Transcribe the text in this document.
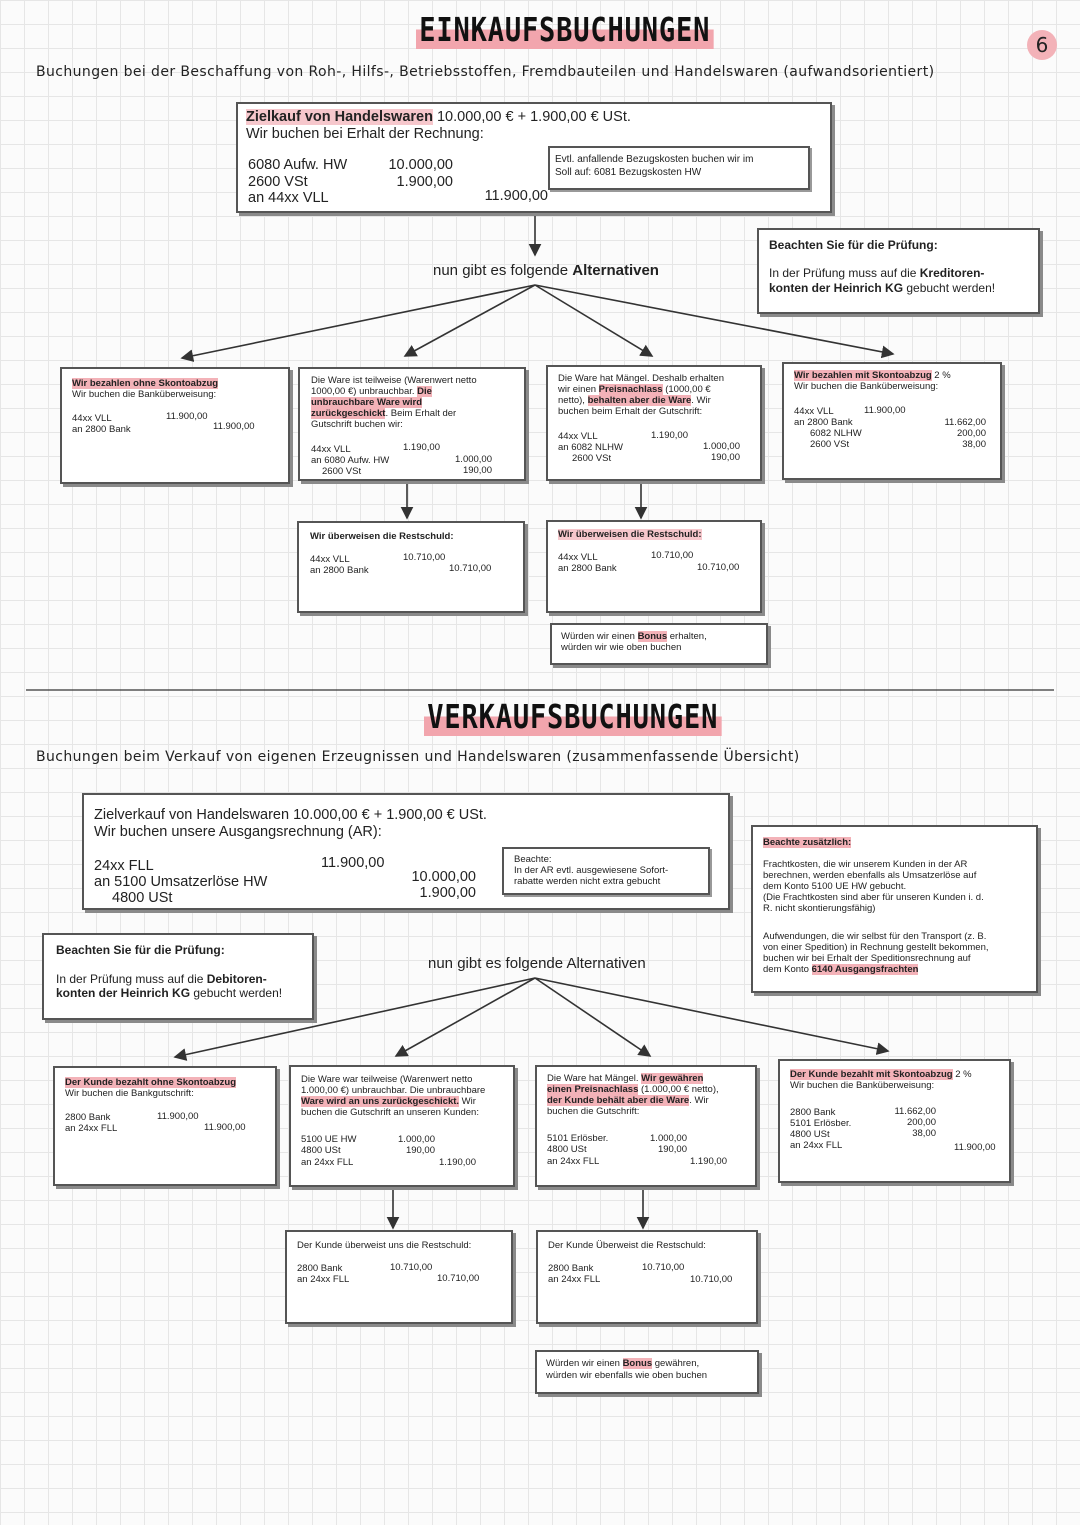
EINKAUFSBUCHUNGEN	6
Buchungen bei der Beschaffung von Roh-, Hilfs-, Betriebsstoffen, Fremdbauteilen und Handelswaren (aufwandsorientiert)
Zielkauf von Handelswaren 10.000,00 € + 1.900,00 € USt.
Wir buchen bei Erhalt der Rechnung:
6080 Aufw. HW
2600 VSt
an 44xx VLL
10.000,00
1.900,00
11.900,00
Evtl. anfallende Bezugskosten buchen wir im
Soll auf: 6081 Bezugskosten HW
nun gibt es folgende Alternativen
Beachten Sie für die Prüfung:
In der Prüfung muss auf die Kreditoren-
konten der Heinrich KG gebucht werden!
Wir bezahlen ohne Skontoabzug
Wir buchen die Banküberweisung:
44xx VLL
an 2800 Bank
11.900,00
11.900,00
Die Ware ist teilweise (Warenwert netto
1000,00 €) unbrauchbar. Die
unbrauchbare Ware wird
zurückgeschickt. Beim Erhalt der
Gutschrift buchen wir:
44xx VLL
an 6080 Aufw. HW
2600 VSt
1.190,00
1.000,00
190,00
Die Ware hat Mängel. Deshalb erhalten
wir einen Preisnachlass (1000,00 €
netto), behalten aber die Ware. Wir
buchen beim Erhalt der Gutschrift:
44xx VLL
an 6082 NLHW
2600 VSt
1.190,00
1.000,00
190,00
Wir bezahlen mit Skontoabzug 2 %
Wir buchen die Banküberweisung:
44xx VLL
an 2800 Bank
6082 NLHW
2600 VSt
11.900,00
11.662,00
200,00
38,00
Wir überweisen die Restschuld:
44xx VLL
an 2800 Bank
10.710,00
10.710,00
Wir überweisen die Restschuld:
44xx VLL
an 2800 Bank
10.710,00
10.710,00
Würden wir einen Bonus erhalten,
würden wir wie oben buchen
VERKAUFSBUCHUNGEN
Buchungen beim Verkauf von eigenen Erzeugnissen und Handelswaren (zusammenfassende Übersicht)
Zielverkauf von Handelswaren 10.000,00 € + 1.900,00 € USt.
Wir buchen unsere Ausgangsrechnung (AR):
24xx FLL
an 5100 Umsatzerlöse HW
4800 USt
11.900,00
10.000,00
1.900,00
Beachte:
In der AR evtl. ausgewiesene Sofort-
rabatte werden nicht extra gebucht
Beachte zusätzlich:
Frachtkosten, die wir unserem Kunden in der AR
berechnen, werden ebenfalls als Umsatzerlöse auf
dem Konto 5100 UE HW gebucht.
(Die Frachtkosten sind aber für unseren Kunden i. d.
R. nicht skontierungsfähig)
Aufwendungen, die wir selbst für den Transport (z. B.
von einer Spedition) in Rechnung gestellt bekommen,
buchen wir bei Erhalt der Speditionsrechnung auf
dem Konto 6140 Ausgangsfrachten
Beachten Sie für die Prüfung:
In der Prüfung muss auf die Debitoren-
konten der Heinrich KG gebucht werden!
nun gibt es folgende Alternativen
Der Kunde bezahlt ohne Skontoabzug
Wir buchen die Bankgutschrift:
2800 Bank
an 24xx FLL
11.900,00
11.900,00
Die Ware war teilweise (Warenwert netto
1.000,00 €) unbrauchbar. Die unbrauchbare
Ware wird an uns zurückgeschickt. Wir
buchen die Gutschrift an unseren Kunden:
5100 UE HW
4800 USt
an 24xx FLL
1.000,00
190,00
1.190,00
Die Ware hat Mängel. Wir gewähren
einen Preisnachlass (1.000,00 € netto),
der Kunde behält aber die Ware. Wir
buchen die Gutschrift:
5101 Erlösber.
4800 USt
an 24xx FLL
1.000,00
190,00
1.190,00
Der Kunde bezahlt mit Skontoabzug 2 %
Wir buchen die Banküberweisung:
2800 Bank
5101 Erlösber.
4800 USt
an 24xx FLL
11.662,00
200,00
38,00
11.900,00
Der Kunde überweist uns die Restschuld:
2800 Bank
an 24xx FLL
10.710,00
10.710,00
Der Kunde Überweist die Restschuld:
2800 Bank
an 24xx FLL
10.710,00
10.710,00
Würden wir einen Bonus gewähren,
würden wir ebenfalls wie oben buchen
